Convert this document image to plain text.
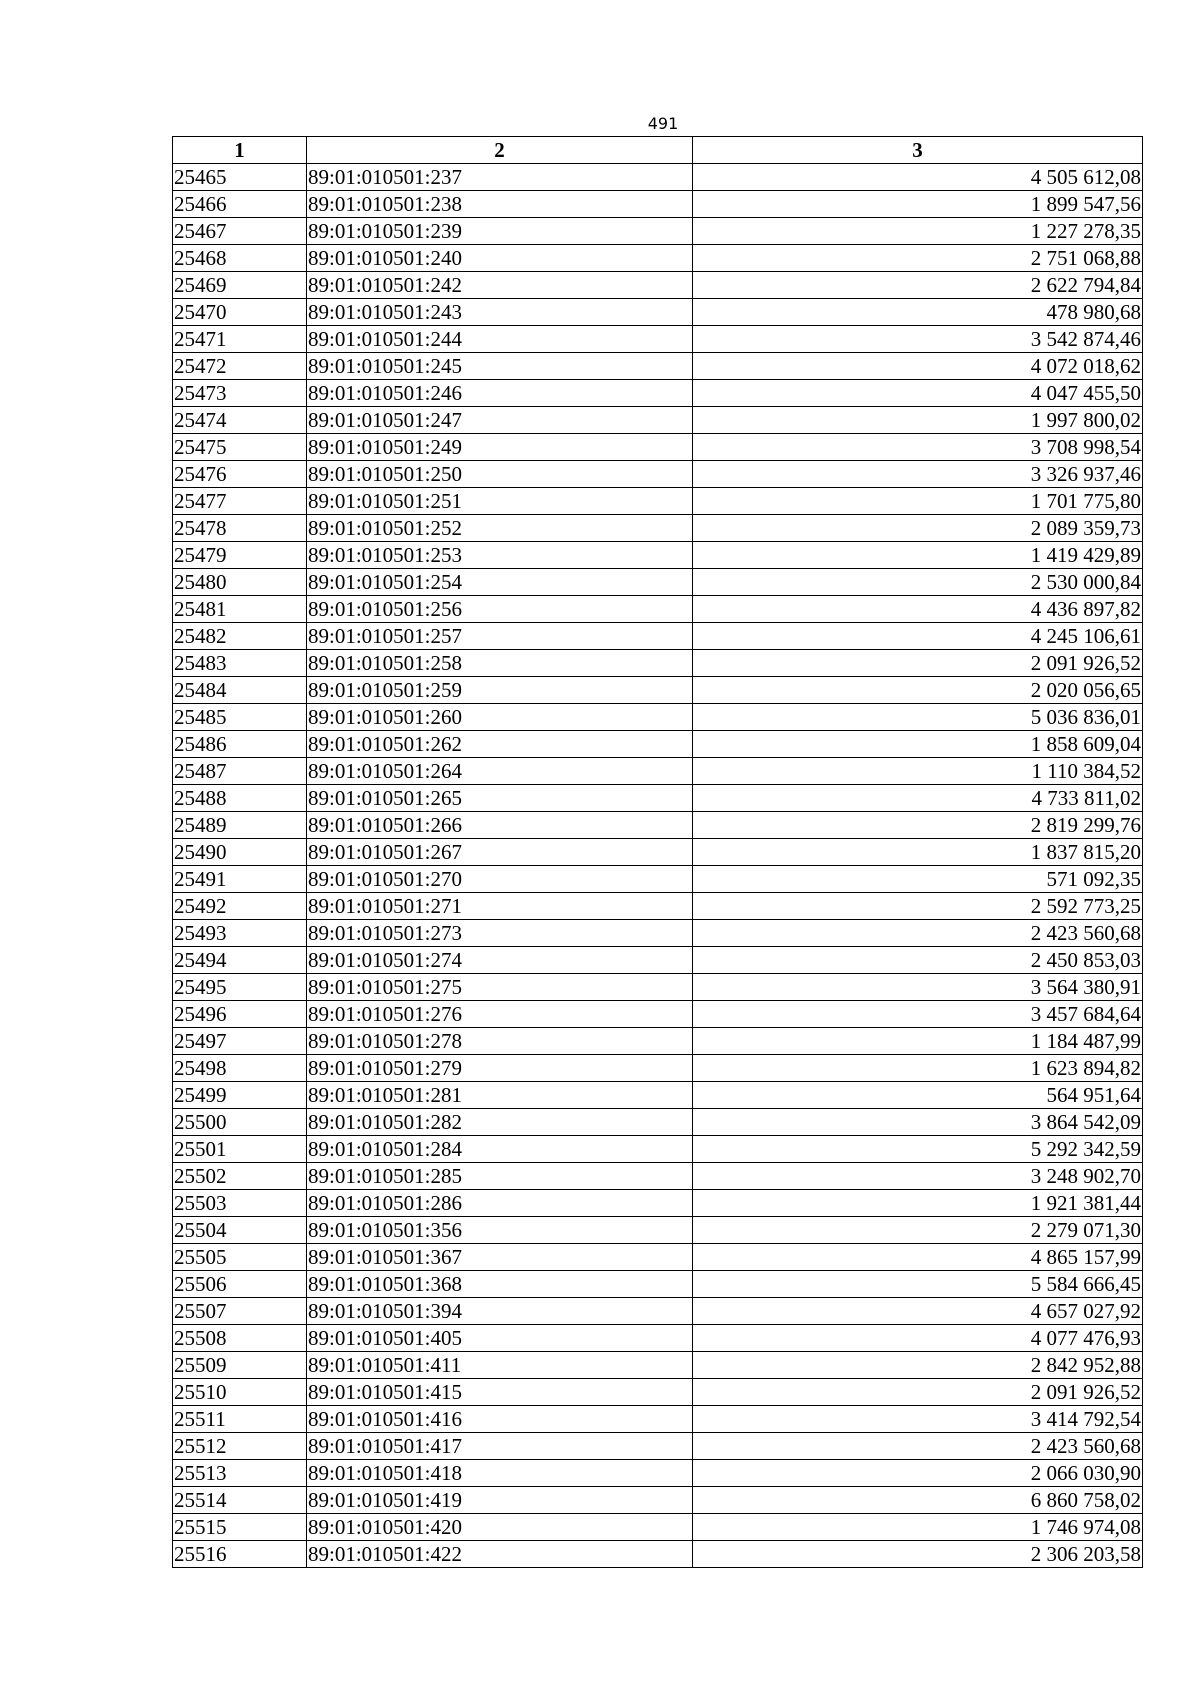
491
1	2	3
25465	89:01:010501:237	4 505 612,08
25466	89:01:010501:238	1 899 547,56
25467	89:01:010501:239	1 227 278,35
25468	89:01:010501:240	2 751 068,88
25469	89:01:010501:242	2 622 794,84
25470	89:01:010501:243	478 980,68
25471	89:01:010501:244	3 542 874,46
25472	89:01:010501:245	4 072 018,62
25473	89:01:010501:246	4 047 455,50
25474	89:01:010501:247	1 997 800,02
25475	89:01:010501:249	3 708 998,54
25476	89:01:010501:250	3 326 937,46
25477	89:01:010501:251	1 701 775,80
25478	89:01:010501:252	2 089 359,73
25479	89:01:010501:253	1 419 429,89
25480	89:01:010501:254	2 530 000,84
25481	89:01:010501:256	4 436 897,82
25482	89:01:010501:257	4 245 106,61
25483	89:01:010501:258	2 091 926,52
25484	89:01:010501:259	2 020 056,65
25485	89:01:010501:260	5 036 836,01
25486	89:01:010501:262	1 858 609,04
25487	89:01:010501:264	1 110 384,52
25488	89:01:010501:265	4 733 811,02
25489	89:01:010501:266	2 819 299,76
25490	89:01:010501:267	1 837 815,20
25491	89:01:010501:270	571 092,35
25492	89:01:010501:271	2 592 773,25
25493	89:01:010501:273	2 423 560,68
25494	89:01:010501:274	2 450 853,03
25495	89:01:010501:275	3 564 380,91
25496	89:01:010501:276	3 457 684,64
25497	89:01:010501:278	1 184 487,99
25498	89:01:010501:279	1 623 894,82
25499	89:01:010501:281	564 951,64
25500	89:01:010501:282	3 864 542,09
25501	89:01:010501:284	5 292 342,59
25502	89:01:010501:285	3 248 902,70
25503	89:01:010501:286	1 921 381,44
25504	89:01:010501:356	2 279 071,30
25505	89:01:010501:367	4 865 157,99
25506	89:01:010501:368	5 584 666,45
25507	89:01:010501:394	4 657 027,92
25508	89:01:010501:405	4 077 476,93
25509	89:01:010501:411	2 842 952,88
25510	89:01:010501:415	2 091 926,52
25511	89:01:010501:416	3 414 792,54
25512	89:01:010501:417	2 423 560,68
25513	89:01:010501:418	2 066 030,90
25514	89:01:010501:419	6 860 758,02
25515	89:01:010501:420	1 746 974,08
25516	89:01:010501:422	2 306 203,58
